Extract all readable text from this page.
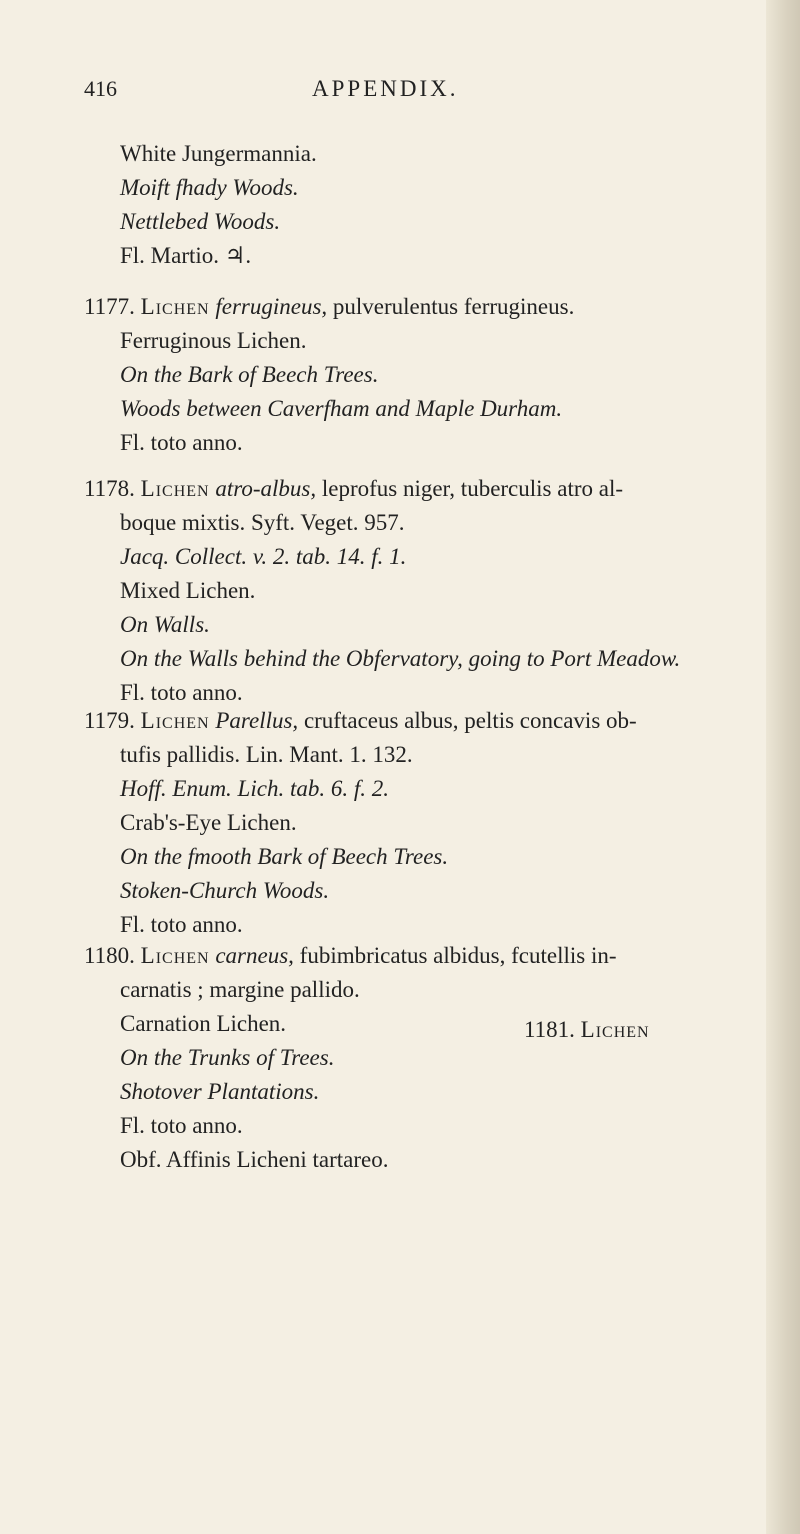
416	APPENDIX.
White Jungermannia.
Moift fhady Woods.
Nettlebed Woods.
Fl. Martio. ♃.
1177. Lichen ferrugineus, pulverulentus ferrugineus.
Ferruginous Lichen.
On the Bark of Beech Trees.
Woods between Caverfham and Maple Durham.
Fl. toto anno.
1178. Lichen atro-albus, leprofus niger, tuberculis atro al-
boque mixtis. Syft. Veget. 957.
Jacq. Collect. v. 2. tab. 14. f. 1.
Mixed Lichen.
On Walls.
On the Walls behind the Obfervatory, going to Port Meadow.
Fl. toto anno.
1179. Lichen Parellus, cruftaceus albus, peltis concavis ob-
tufis pallidis. Lin. Mant. 1. 132.
Hoff. Enum. Lich. tab. 6. f. 2.
Crab's-Eye Lichen.
On the fmooth Bark of Beech Trees.
Stoken-Church Woods.
Fl. toto anno.
1180. Lichen carneus, fubimbricatus albidus, fcutellis in-
carnatis ; margine pallido.
Carnation Lichen.
On the Trunks of Trees.
Shotover Plantations.
Fl. toto anno.
Obf. Affinis Licheni tartareo.
1181. Lichen
